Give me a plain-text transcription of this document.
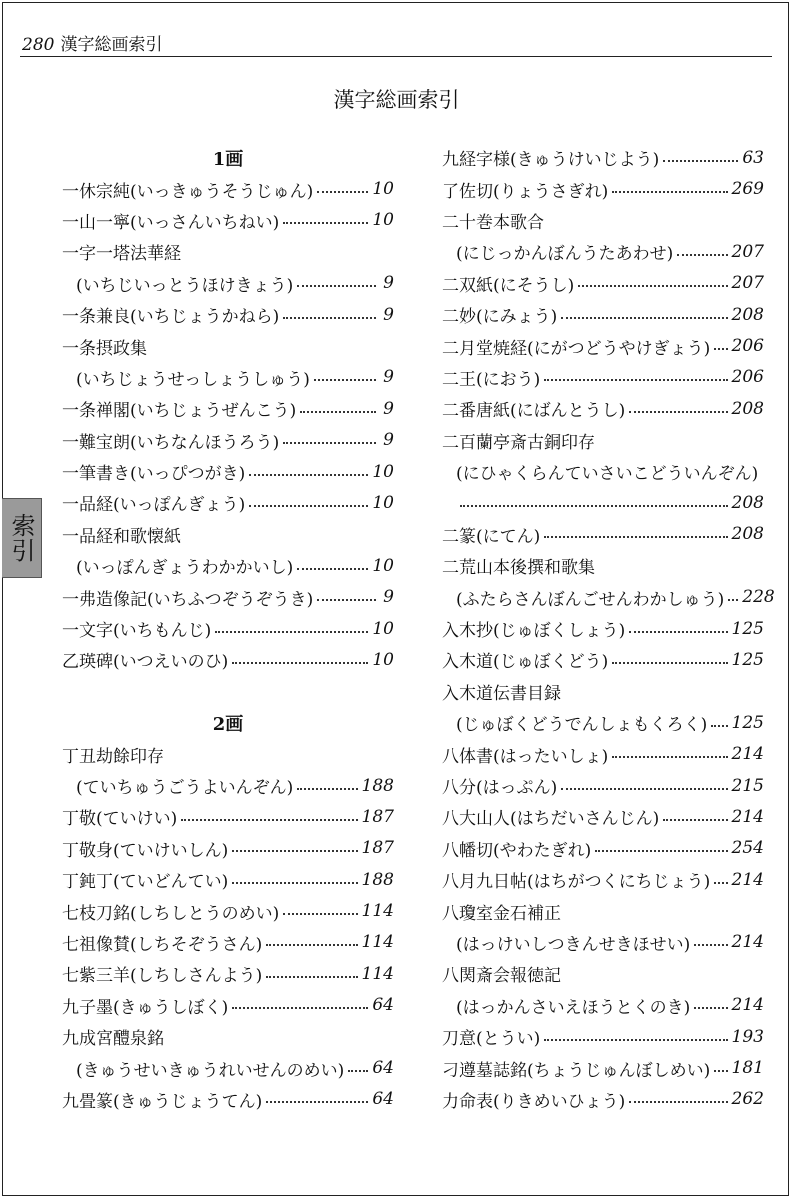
280 漢字総画索引
漢字総画索引
1画
一休宗純(いっきゅうそうじゅん)	10
一山一寧(いっさんいちねい)	10
一字一塔法華経
(いちじいっとうほけきょう)	9
一条兼良(いちじょうかねら)	9
一条摂政集
(いちじょうせっしょうしゅう)	9
一条禅閣(いちじょうぜんこう)	9
一難宝朗(いちなんほうろう)	9
一筆書き(いっぴつがき)	10
一品経(いっぽんぎょう)	10
一品経和歌懐紙
(いっぽんぎょうわかかいし)	10
一弗造像記(いちふつぞうぞうき)	9
一文字(いちもんじ)	10
乙瑛碑(いつえいのひ)	10
2画
丁丑劫餘印存
(ていちゅうごうよいんぞん)	188
丁敬(ていけい)	187
丁敬身(ていけいしん)	187
丁鈍丁(ていどんてい)	188
七枝刀銘(しちしとうのめい)	114
七祖像賛(しちそぞうさん)	114
七紫三羊(しちしさんよう)	114
九子墨(きゅうしぼく)	64
九成宮醴泉銘
(きゅうせいきゅうれいせんのめい) 64
九畳篆(きゅうじょうてん)	64
九経字様(きゅうけいじよう)	63
了佐切(りょうさぎれ)	269
二十巻本歌合
(にじっかんぼんうたあわせ)	207
二双紙(にそうし)	207
二妙(にみょう)	208
二月堂焼経(にがつどうやけぎょう) 206
二王(におう)	206
二番唐紙(にばんとうし)	208
二百蘭亭斎古銅印存
(にひゃくらんていさいこどういんぞん)
208
二篆(にてん)	208
二荒山本後撰和歌集
(ふたらさんぼんごせんわかしゅう) 228
入木抄(じゅぼくしょう)	125
入木道(じゅぼくどう)	125
入木道伝書目録
(じゅぼくどうでんしょもくろく) 125
八体書(はったいしょ)	214
八分(はっぷん)	215
八大山人(はちだいさんじん)	214
八幡切(やわたぎれ)	254
八月九日帖(はちがつくにちじょう) 214
八瓊室金石補正
(はっけいしつきんせきほせい) 214
八関斎会報徳記
(はっかんさいえほうとくのき) 214
刀意(とうい)	193
刁遵墓誌銘(ちょうじゅんぼしめい) 181
力命表(りきめいひょう)	262
索引
